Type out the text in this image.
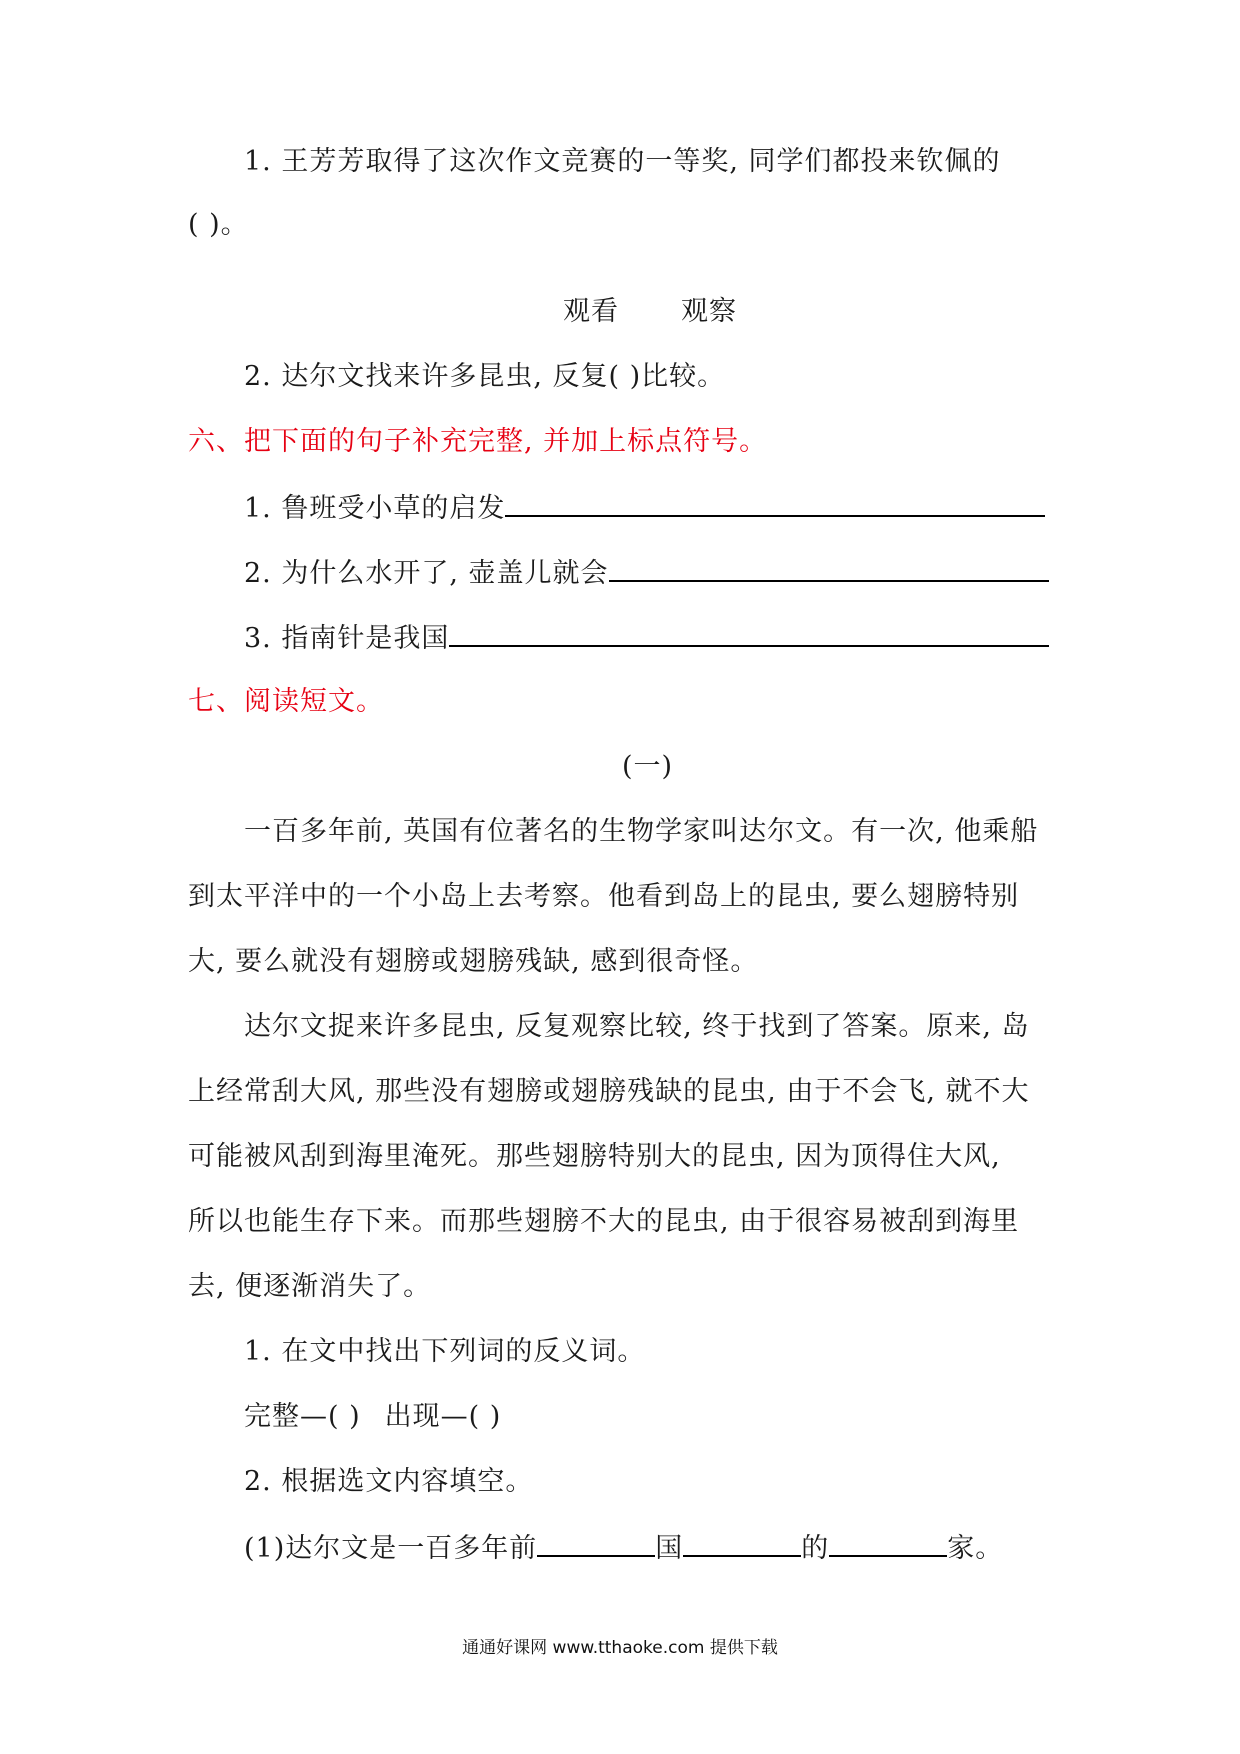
1. 王芳芳取得了这次作文竞赛的一等奖, 同学们都投来钦佩的
( )。
观看 观察
2. 达尔文找来许多昆虫, 反复( )比较。
六、把下面的句子补充完整, 并加上标点符号。
1. 鲁班受小草的启发
2. 为什么水开了, 壶盖儿就会
3. 指南针是我国
七、阅读短文。
(一)
一百多年前, 英国有位著名的生物学家叫达尔文。有一次, 他乘船
到太平洋中的一个小岛上去考察。他看到岛上的昆虫, 要么翅膀特别
大, 要么就没有翅膀或翅膀残缺, 感到很奇怪。
达尔文捉来许多昆虫, 反复观察比较, 终于找到了答案。原来, 岛
上经常刮大风, 那些没有翅膀或翅膀残缺的昆虫, 由于不会飞, 就不大
可能被风刮到海里淹死。那些翅膀特别大的昆虫, 因为顶得住大风,
所以也能生存下来。而那些翅膀不大的昆虫, 由于很容易被刮到海里
去, 便逐渐消失了。
1. 在文中找出下列词的反义词。
完整—( ) 出现—( )
2. 根据选文内容填空。
(1)达尔文是一百多年前	国	的	家。
通通好课网 www.tthaoke.com 提供下载
